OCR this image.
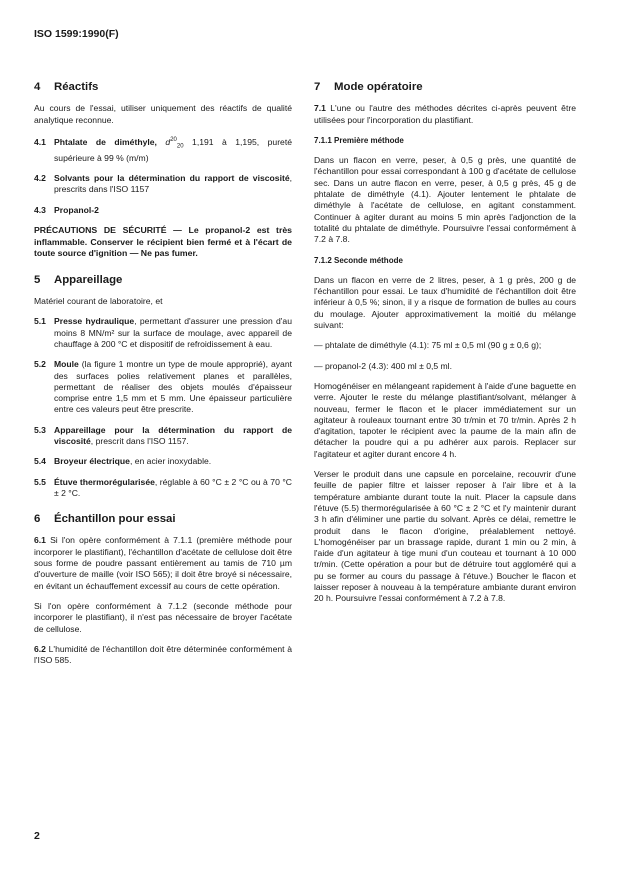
ISO 1599:1990(F)
4 Réactifs

Au cours de l'essai, utiliser uniquement des réactifs de qualité analytique reconnue.

4.1 Phtalate de diméthyle, $d^{20}_{20}$ 1,191 à 1,195, pureté supérieure à 99 % (m/m)

4.2 Solvants pour la détermination du rapport de viscosité, prescrits dans l'ISO 1157

4.3 Propanol-2

PRÉCAUTIONS DE SÉCURITÉ — Le propanol-2 est très inflammable. Conserver le récipient bien fermé et à l'écart de toute source d'ignition — Ne pas fumer.

5 Appareillage

Matériel courant de laboratoire, et

5.1 Presse hydraulique, permettant d'assurer une pression d'au moins 8 MN/m² sur la surface de moulage, avec appareil de chauffage à 200 °C et dispositif de refroidissement à eau.

5.2 Moule (la figure 1 montre un type de moule approprié), ayant des surfaces polies relativement planes et parallèles, permettant de réaliser des objets moulés d'épaisseur comprise entre 1,5 mm et 5 mm. Une épaisseur particulière entre ces valeurs peut être prescrite.

5.3 Appareillage pour la détermination du rapport de viscosité, prescrit dans l'ISO 1157.

5.4 Broyeur électrique, en acier inoxydable.

5.5 Étuve thermorégularisée, réglable à 60 °C ± 2 °C ou à 70 °C ± 2 °C.

6 Échantillon pour essai

6.1 Si l'on opère conformément à 7.1.1 (première méthode pour incorporer le plastifiant), l'échantillon d'acétate de cellulose doit être sous forme de poudre passant entièrement au tamis de 710 µm d'ouverture de maille (voir ISO 565); il doit être broyé si nécessaire, en évitant un échauffement excessif au cours de cette opération.

Si l'on opère conformément à 7.1.2 (seconde méthode pour incorporer le plastifiant), il n'est pas nécessaire de broyer l'acétate de cellulose.

6.2 L'humidité de l'échantillon doit être déterminée conformément à l'ISO 585.

7 Mode opératoire

7.1 L'une ou l'autre des méthodes décrites ci-après peuvent être utilisées pour l'incorporation du plastifiant.

7.1.1 Première méthode

Dans un flacon en verre, peser, à 0,5 g près, une quantité de l'échantillon pour essai correspondant à 100 g d'acétate de cellulose sec. Dans un autre flacon en verre, peser, à 0,5 g près, 45 g de phtalate de diméthyle (4.1). Ajouter lentement le phtalate de diméthyle à l'acétate de cellulose, en agitant constamment. Continuer à agiter durant au moins 5 min après l'adjonction de la totalité du phtalate de diméthyle. Poursuivre l'essai conformément à 7.2 à 7.8.

7.1.2 Seconde méthode

Dans un flacon en verre de 2 litres, peser, à 1 g près, 200 g de l'échantillon pour essai. Le taux d'humidité de l'échantillon doit être inférieur à 0,5 %; sinon, il y a risque de formation de bulles au cours du moulage. Ajouter approximativement la moitié du mélange suivant:

— phtalate de diméthyle (4.1): 75 ml ± 0,5 ml (90 g ± 0,6 g);

— propanol-2 (4.3): 400 ml ± 0,5 ml.

Homogénéiser en mélangeant rapidement à l'aide d'une baguette en verre. Ajouter le reste du mélange plastifiant/solvant, mélanger à nouveau, fermer le flacon et le placer immédiatement sur un agitateur à rouleaux tournant entre 30 tr/min et 70 tr/min. Après 2 h d'agitation, tapoter le récipient avec la paume de la main afin de détacher la poudre qui a pu adhérer aux parois. Replacer sur l'agitateur et agiter durant encore 4 h.

Verser le produit dans une capsule en porcelaine, recouvrir d'une feuille de papier filtre et laisser reposer à l'air libre et à la température ambiante durant toute la nuit. Placer la capsule dans l'étuve (5.5) thermorégularisée à 60 °C ± 2 °C et l'y maintenir durant 3 h afin d'éliminer une partie du solvant. Après ce délai, remettre le produit dans le flacon d'origine, préalablement nettoyé. L'homogénéiser par un brassage rapide, durant 1 min ou 2 min, à l'aide d'un agitateur à tige muni d'un couteau et tournant à 10 000 tr/min. (Cette opération a pour but de détruire tout aggloméré qui a pu se former au cours du passage à l'étuve.) Boucher le flacon et laisser reposer à nouveau à la température ambiante durant environ 20 h. Poursuivre l'essai conformément à 7.2 à 7.8.

2
